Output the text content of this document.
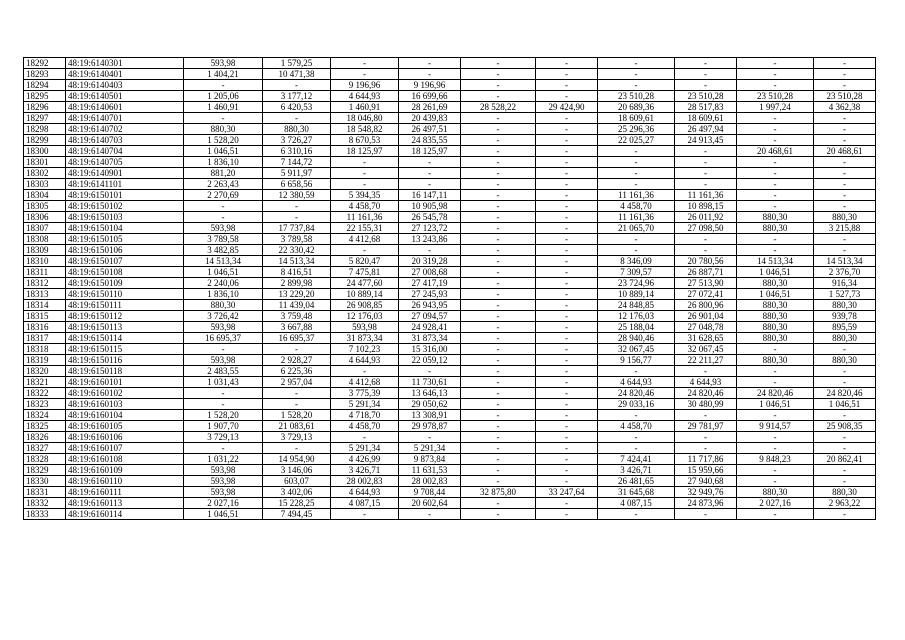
18292	48:19:6140301	593,98	1 579,25	-	-	-	-	-	-	-	-
18293	48:19:6140401	1 404,21	10 471,38	-	-	-	-	-	-	-	-
18294	48:19:6140403	-	-	9 196,96	9 196,96	-	-	-	-	-	-
18295	48:19:6140501	1 205,06	3 177,12	4 644,93	16 699,66	-	-	23 510,28	23 510,28	23 510,28	23 510,28
18296	48:19:6140601	1 460,91	6 420,53	1 460,91	28 261,69	28 528,22	29 424,90	20 689,36	28 517,83	1 997,24	4 362,38
18297	48:19:6140701	-	-	18 046,80	20 439,83	-	-	18 609,61	18 609,61	-	-
18298	48:19:6140702	880,30	880,30	18 548,82	26 497,51	-	-	25 296,36	26 497,94	-	-
18299	48:19:6140703	1 528,20	3 726,27	8 670,53	24 835,55	-	-	22 025,27	24 913,45	-	-
18300	48:19:6140704	1 046,51	6 310,16	18 125,97	18 125,97	-	-	-	-	20 468,61	20 468,61
18301	48:19:6140705	1 836,10	7 144,72	-	-	-	-	-	-	-	-
18302	48:19:6140901	881,20	5 911,97	-	-	-	-	-	-	-	-
18303	48:19:6141101	2 263,43	6 658,56	-	-	-	-	-	-	-	-
18304	48:19:6150101	2 270,69	12 380,59	5 394,35	16 147,11	-	-	11 161,36	11 161,36	-	-
18305	48:19:6150102	-	-	4 458,70	10 905,98	-	-	4 458,70	10 898,15	-	-
18306	48:19:6150103	-	-	11 161,36	26 545,78	-	-	11 161,36	26 011,92	880,30	880,30
18307	48:19:6150104	593,98	17 737,84	22 155,31	27 123,72	-	-	21 065,70	27 098,50	880,30	3 215,88
18308	48:19:6150105	3 789,58	3 789,58	4 412,68	13 243,86	-	-	-	-	-	-
18309	48:19:6150106	3 482,85	22 330,42	-	-	-	-	-	-	-	-
18310	48:19:6150107	14 513,34	14 513,34	5 820,47	20 319,28	-	-	8 346,09	20 780,56	14 513,34	14 513,34
18311	48:19:6150108	1 046,51	8 416,51	7 475,81	27 008,68	-	-	7 309,57	26 887,71	1 046,51	2 376,70
18312	48:19:6150109	2 240,06	2 899,98	24 477,60	27 417,19	-	-	23 724,96	27 513,90	880,30	916,34
18313	48:19:6150110	1 836,10	13 229,20	10 889,14	27 245,93	-	-	10 889,14	27 072,41	1 046,51	1 527,73
18314	48:19:6150111	880,30	11 439,04	26 908,85	26 943,95	-	-	24 848,85	26 800,96	880,30	880,30
18315	48:19:6150112	3 726,42	3 759,48	12 176,03	27 094,57	-	-	12 176,03	26 901,04	880,30	939,78
18316	48:19:6150113	593,98	3 667,88	593,98	24 928,41	-	-	25 188,04	27 048,78	880,30	895,59
18317	48:19:6150114	16 695,37	16 695,37	31 873,34	31 873,34	-	-	28 940,46	31 628,65	880,30	880,30
18318	48:19:6150115	-	-	7 102,23	15 316,00	-	-	32 067,45	32 067,45	-	-
18319	48:19:6150116	593,98	2 928,27	4 644,93	22 059,12	-	-	9 156,77	22 211,27	880,30	880,30
18320	48:19:6150118	2 483,55	6 225,36	-	-	-	-	-	-	-	-
18321	48:19:6160101	1 031,43	2 957,04	4 412,68	11 730,61	-	-	4 644,93	4 644,93	-	-
18322	48:19:6160102	-	-	3 775,39	13 646,13	-	-	24 820,46	24 820,46	24 820,46	24 820,46
18323	48:19:6160103	-	-	5 291,34	29 050,62	-	-	29 033,16	30 480,99	1 046,51	1 046,51
18324	48:19:6160104	1 528,20	1 528,20	4 718,70	13 308,91	-	-	-	-	-	-
18325	48:19:6160105	1 907,70	21 083,61	4 458,70	29 978,87	-	-	4 458,70	29 781,97	9 914,57	25 908,35
18326	48:19:6160106	3 729,13	3 729,13	-	-	-	-	-	-	-	-
18327	48:19:6160107	-	-	5 291,34	5 291,34	-	-	-	-	-	-
18328	48:19:6160108	1 031,22	14 954,90	4 426,99	9 873,84	-	-	7 424,41	11 717,86	9 848,23	20 862,41
18329	48:19:6160109	593,98	3 146,06	3 426,71	11 631,53	-	-	3 426,71	15 959,66	-	-
18330	48:19:6160110	593,98	603,07	28 002,83	28 002,83	-	-	26 481,65	27 940,68	-	-
18331	48:19:6160111	593,98	3 402,06	4 644,93	9 708,44	32 875,80	33 247,64	31 645,68	32 949,76	880,30	880,30
18332	48:19:6160113	2 027,16	15 228,25	4 087,15	20 602,64	-	-	4 087,15	24 873,96	2 027,16	2 963,22
18333	48:19:6160114	1 046,51	7 494,45	-	-	-	-	-	-	-	-
